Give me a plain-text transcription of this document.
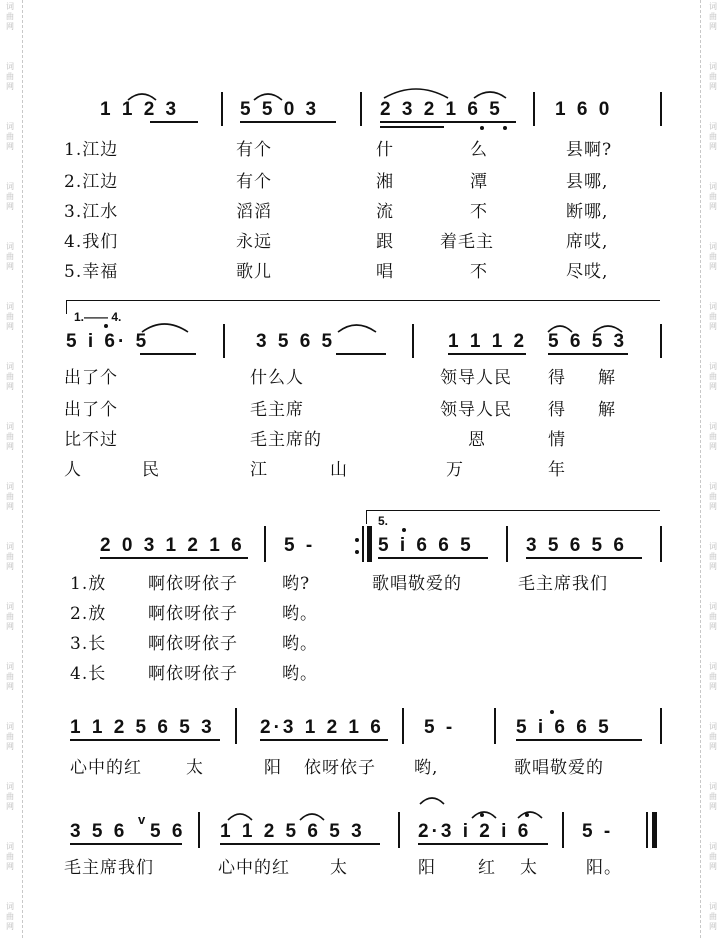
词
曲
网
词
曲
网
词
曲
网
词
曲
网
词
曲
网
词
曲
网
词
曲
网
词
曲
网
词
曲
网
词
曲
网
词
曲
网
词
曲
网
词
曲
网
词
曲
网
词
曲
网
词
曲
网
词
曲
网
词
曲
网
词
曲
网
词
曲
网
词
曲
网
词
曲
网
词
曲
网
词
曲
网
词
曲
网
词
曲
网
词
曲
网
词
曲
网
词
曲
网
词
曲
网
词
曲
网
词
曲
网
1 1 2 3	5 5 0 3	2 3 2 1 6 5	1 6 0
1.江边	有个	什	么	县啊?
2.江边	有个	湘	潭	县哪,
3.江水	滔滔	流	不	断哪,
4.我们	永远	跟	着毛主	席哎,
5.幸福	歌儿	唱	不	尽哎,
1.—— 4.
5 i 6· 5	3 5 6 5	1 1 1 2 5 6 5 3
出了个	什么人	领导人民 得 解
出了个	毛主席	领导人民 得 解
比不过	毛主席的	恩	情
人	民	江	山	万	年
5.
2 0 3 1 2 1 6 5 -	5 i 6 6 5	3 5 6 5 6
1.放 啊依呀依子	哟?	歌唱敬爱的	毛主席我们
2.放 啊依呀依子	哟。
3.长 啊依呀依子	哟。
4.长 啊依呀依子	哟。
1 1 2 5 6 5 3 2·3 1 2 1 6 5 -	5 i 6 6 5
心中的红	太	阳 依呀依子 哟,	歌唱敬爱的
3 5 6
v
5 6 1 1 2 5 6 5 3	2·3 i 2 i 6	5 -
毛主席我们	心中的红 太	阳 红 太	阳。
